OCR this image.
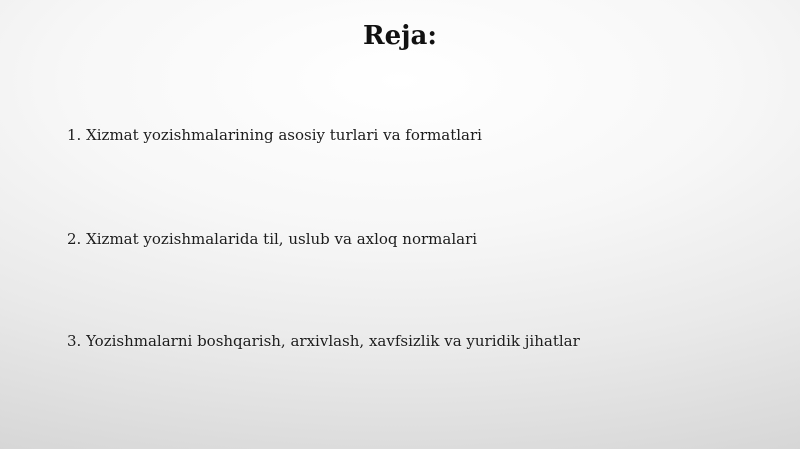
Reja:
1. Xizmat yozishmalarining asosiy turlari va formatlari
2. Xizmat yozishmalarida til, uslub va axloq normalari
3. Yozishmalarni boshqarish, arxivlash, xavfsizlik va yuridik jihatlar
